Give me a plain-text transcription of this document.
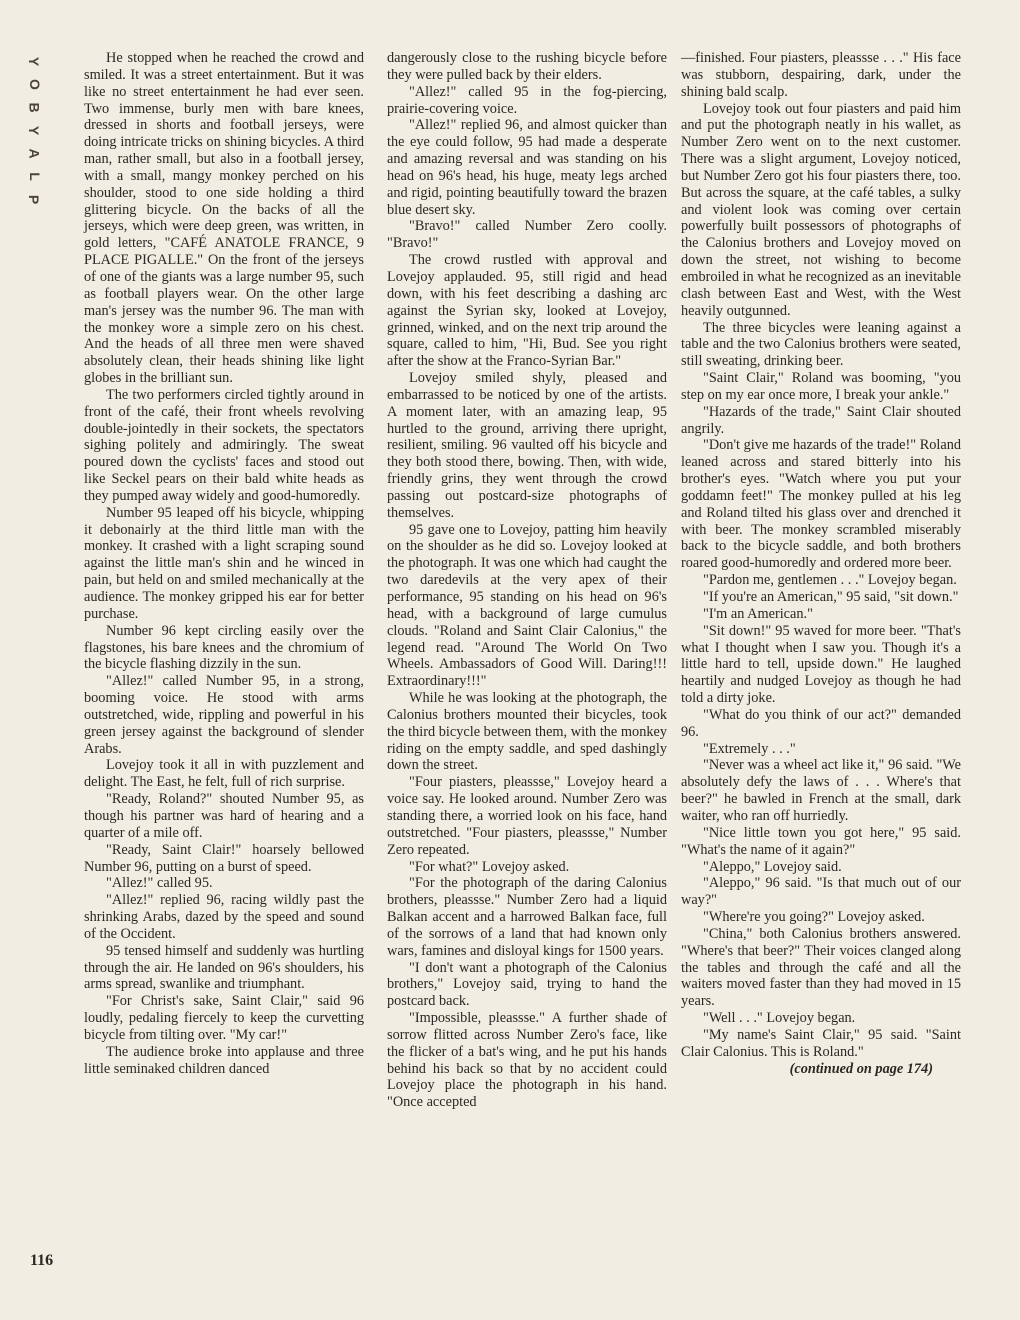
Y
O
B
Y
A
L
P
116

He stopped when he reached the crowd and smiled. It was a street entertainment. But it was like no street entertainment he had ever seen. Two immense, burly men with bare knees, dressed in shorts and football jerseys, were doing intricate tricks on shining bicycles. A third man, rather small, but also in a football jersey, with a small, mangy monkey perched on his shoulder, stood to one side holding a third glittering bicycle. On the backs of all the jerseys, which were deep green, was written, in gold letters, "CAFÉ ANATOLE FRANCE, 9 PLACE PIGALLE." On the front of the jerseys of one of the giants was a large number 95, such as football players wear. On the other large man's jersey was the number 96. The man with the monkey wore a simple zero on his chest. And the heads of all three men were shaved absolutely clean, their heads shining like light globes in the brilliant sun.

The two performers circled tightly around in front of the café, their front wheels revolving double-jointedly in their sockets, the spectators sighing politely and admiringly. The sweat poured down the cyclists' faces and stood out like Seckel pears on their bald white heads as they pumped away widely and good-humoredly.

Number 95 leaped off his bicycle, whipping it debonairly at the third little man with the monkey. It crashed with a light scraping sound against the little man's shin and he winced in pain, but held on and smiled mechanically at the audience. The monkey gripped his ear for better purchase.

Number 96 kept circling easily over the flagstones, his bare knees and the chromium of the bicycle flashing dizzily in the sun.

"Allez!" called Number 95, in a strong, booming voice. He stood with arms outstretched, wide, rippling and powerful in his green jersey against the background of slender Arabs.

Lovejoy took it all in with puzzlement and delight. The East, he felt, full of rich surprise.

"Ready, Roland?" shouted Number 95, as though his partner was hard of hearing and a quarter of a mile off.

"Ready, Saint Clair!" hoarsely bellowed Number 96, putting on a burst of speed.

"Allez!" called 95.

"Allez!" replied 96, racing wildly past the shrinking Arabs, dazed by the speed and sound of the Occident.

95 tensed himself and suddenly was hurtling through the air. He landed on 96's shoulders, his arms spread, swanlike and triumphant.

"For Christ's sake, Saint Clair," said 96 loudly, pedaling fiercely to keep the curvetting bicycle from tilting over. "My car!"

The audience broke into applause and three little seminaked children danced

dangerously close to the rushing bicycle before they were pulled back by their elders.

"Allez!" called 95 in the fog-piercing, prairie-covering voice.

"Allez!" replied 96, and almost quicker than the eye could follow, 95 had made a desperate and amazing reversal and was standing on his head on 96's head, his huge, meaty legs arched and rigid, pointing beautifully toward the brazen blue desert sky.

"Bravo!" called Number Zero coolly. "Bravo!"

The crowd rustled with approval and Lovejoy applauded. 95, still rigid and head down, with his feet describing a dashing arc against the Syrian sky, looked at Lovejoy, grinned, winked, and on the next trip around the square, called to him, "Hi, Bud. See you right after the show at the Franco-Syrian Bar."

Lovejoy smiled shyly, pleased and embarrassed to be noticed by one of the artists. A moment later, with an amazing leap, 95 hurtled to the ground, arriving there upright, resilient, smiling. 96 vaulted off his bicycle and they both stood there, bowing. Then, with wide, friendly grins, they went through the crowd passing out postcard-size photographs of themselves.

95 gave one to Lovejoy, patting him heavily on the shoulder as he did so. Lovejoy looked at the photograph. It was one which had caught the two daredevils at the very apex of their performance, 95 standing on his head on 96's head, with a background of large cumulus clouds. "Roland and Saint Clair Calonius," the legend read. "Around The World On Two Wheels. Ambassadors of Good Will. Daring!!! Extraordinary!!!"

While he was looking at the photograph, the Calonius brothers mounted their bicycles, took the third bicycle between them, with the monkey riding on the empty saddle, and sped dashingly down the street.

"Four piasters, pleassse," Lovejoy heard a voice say. He looked around. Number Zero was standing there, a worried look on his face, hand outstretched. "Four piasters, pleassse," Number Zero repeated.

"For what?" Lovejoy asked.

"For the photograph of the daring Calonius brothers, pleassse." Number Zero had a liquid Balkan accent and a harrowed Balkan face, full of the sorrows of a land that had known only wars, famines and disloyal kings for 1500 years.

"I don't want a photograph of the Calonius brothers," Lovejoy said, trying to hand the postcard back.

"Impossible, pleassse." A further shade of sorrow flitted across Number Zero's face, like the flicker of a bat's wing, and he put his hands behind his back so that by no accident could Lovejoy place the photograph in his hand. "Once accepted

—finished. Four piasters, pleassse . . ." His face was stubborn, despairing, dark, under the shining bald scalp.

Lovejoy took out four piasters and paid him and put the photograph neatly in his wallet, as Number Zero went on to the next customer. There was a slight argument, Lovejoy noticed, but Number Zero got his four piasters there, too. But across the square, at the café tables, a sulky and violent look was coming over certain powerfully built possessors of photographs of the Calonius brothers and Lovejoy moved on down the street, not wishing to become embroiled in what he recognized as an inevitable clash between East and West, with the West heavily outgunned.

The three bicycles were leaning against a table and the two Calonius brothers were seated, still sweating, drinking beer.

"Saint Clair," Roland was booming, "you step on my ear once more, I break your ankle."

"Hazards of the trade," Saint Clair shouted angrily.

"Don't give me hazards of the trade!" Roland leaned across and stared bitterly into his brother's eyes. "Watch where you put your goddamn feet!" The monkey pulled at his leg and Roland tilted his glass over and drenched it with beer. The monkey scrambled miserably back to the bicycle saddle, and both brothers roared good-humoredly and ordered more beer.

"Pardon me, gentlemen . . ." Lovejoy began.

"If you're an American," 95 said, "sit down."

"I'm an American."

"Sit down!" 95 waved for more beer. "That's what I thought when I saw you. Though it's a little hard to tell, upside down." He laughed heartily and nudged Lovejoy as though he had told a dirty joke.

"What do you think of our act?" demanded 96.

"Extremely . . ."

"Never was a wheel act like it," 96 said. "We absolutely defy the laws of . . . Where's that beer?" he bawled in French at the small, dark waiter, who ran off hurriedly.

"Nice little town you got here," 95 said. "What's the name of it again?"

"Aleppo," Lovejoy said.

"Aleppo," 96 said. "Is that much out of our way?"

"Where're you going?" Lovejoy asked.

"China," both Calonius brothers answered. "Where's that beer?" Their voices clanged along the tables and through the café and all the waiters moved faster than they had moved in 15 years.

"Well . . ." Lovejoy began.

"My name's Saint Clair," 95 said. "Saint Clair Calonius. This is Roland."

(continued on page 174)
